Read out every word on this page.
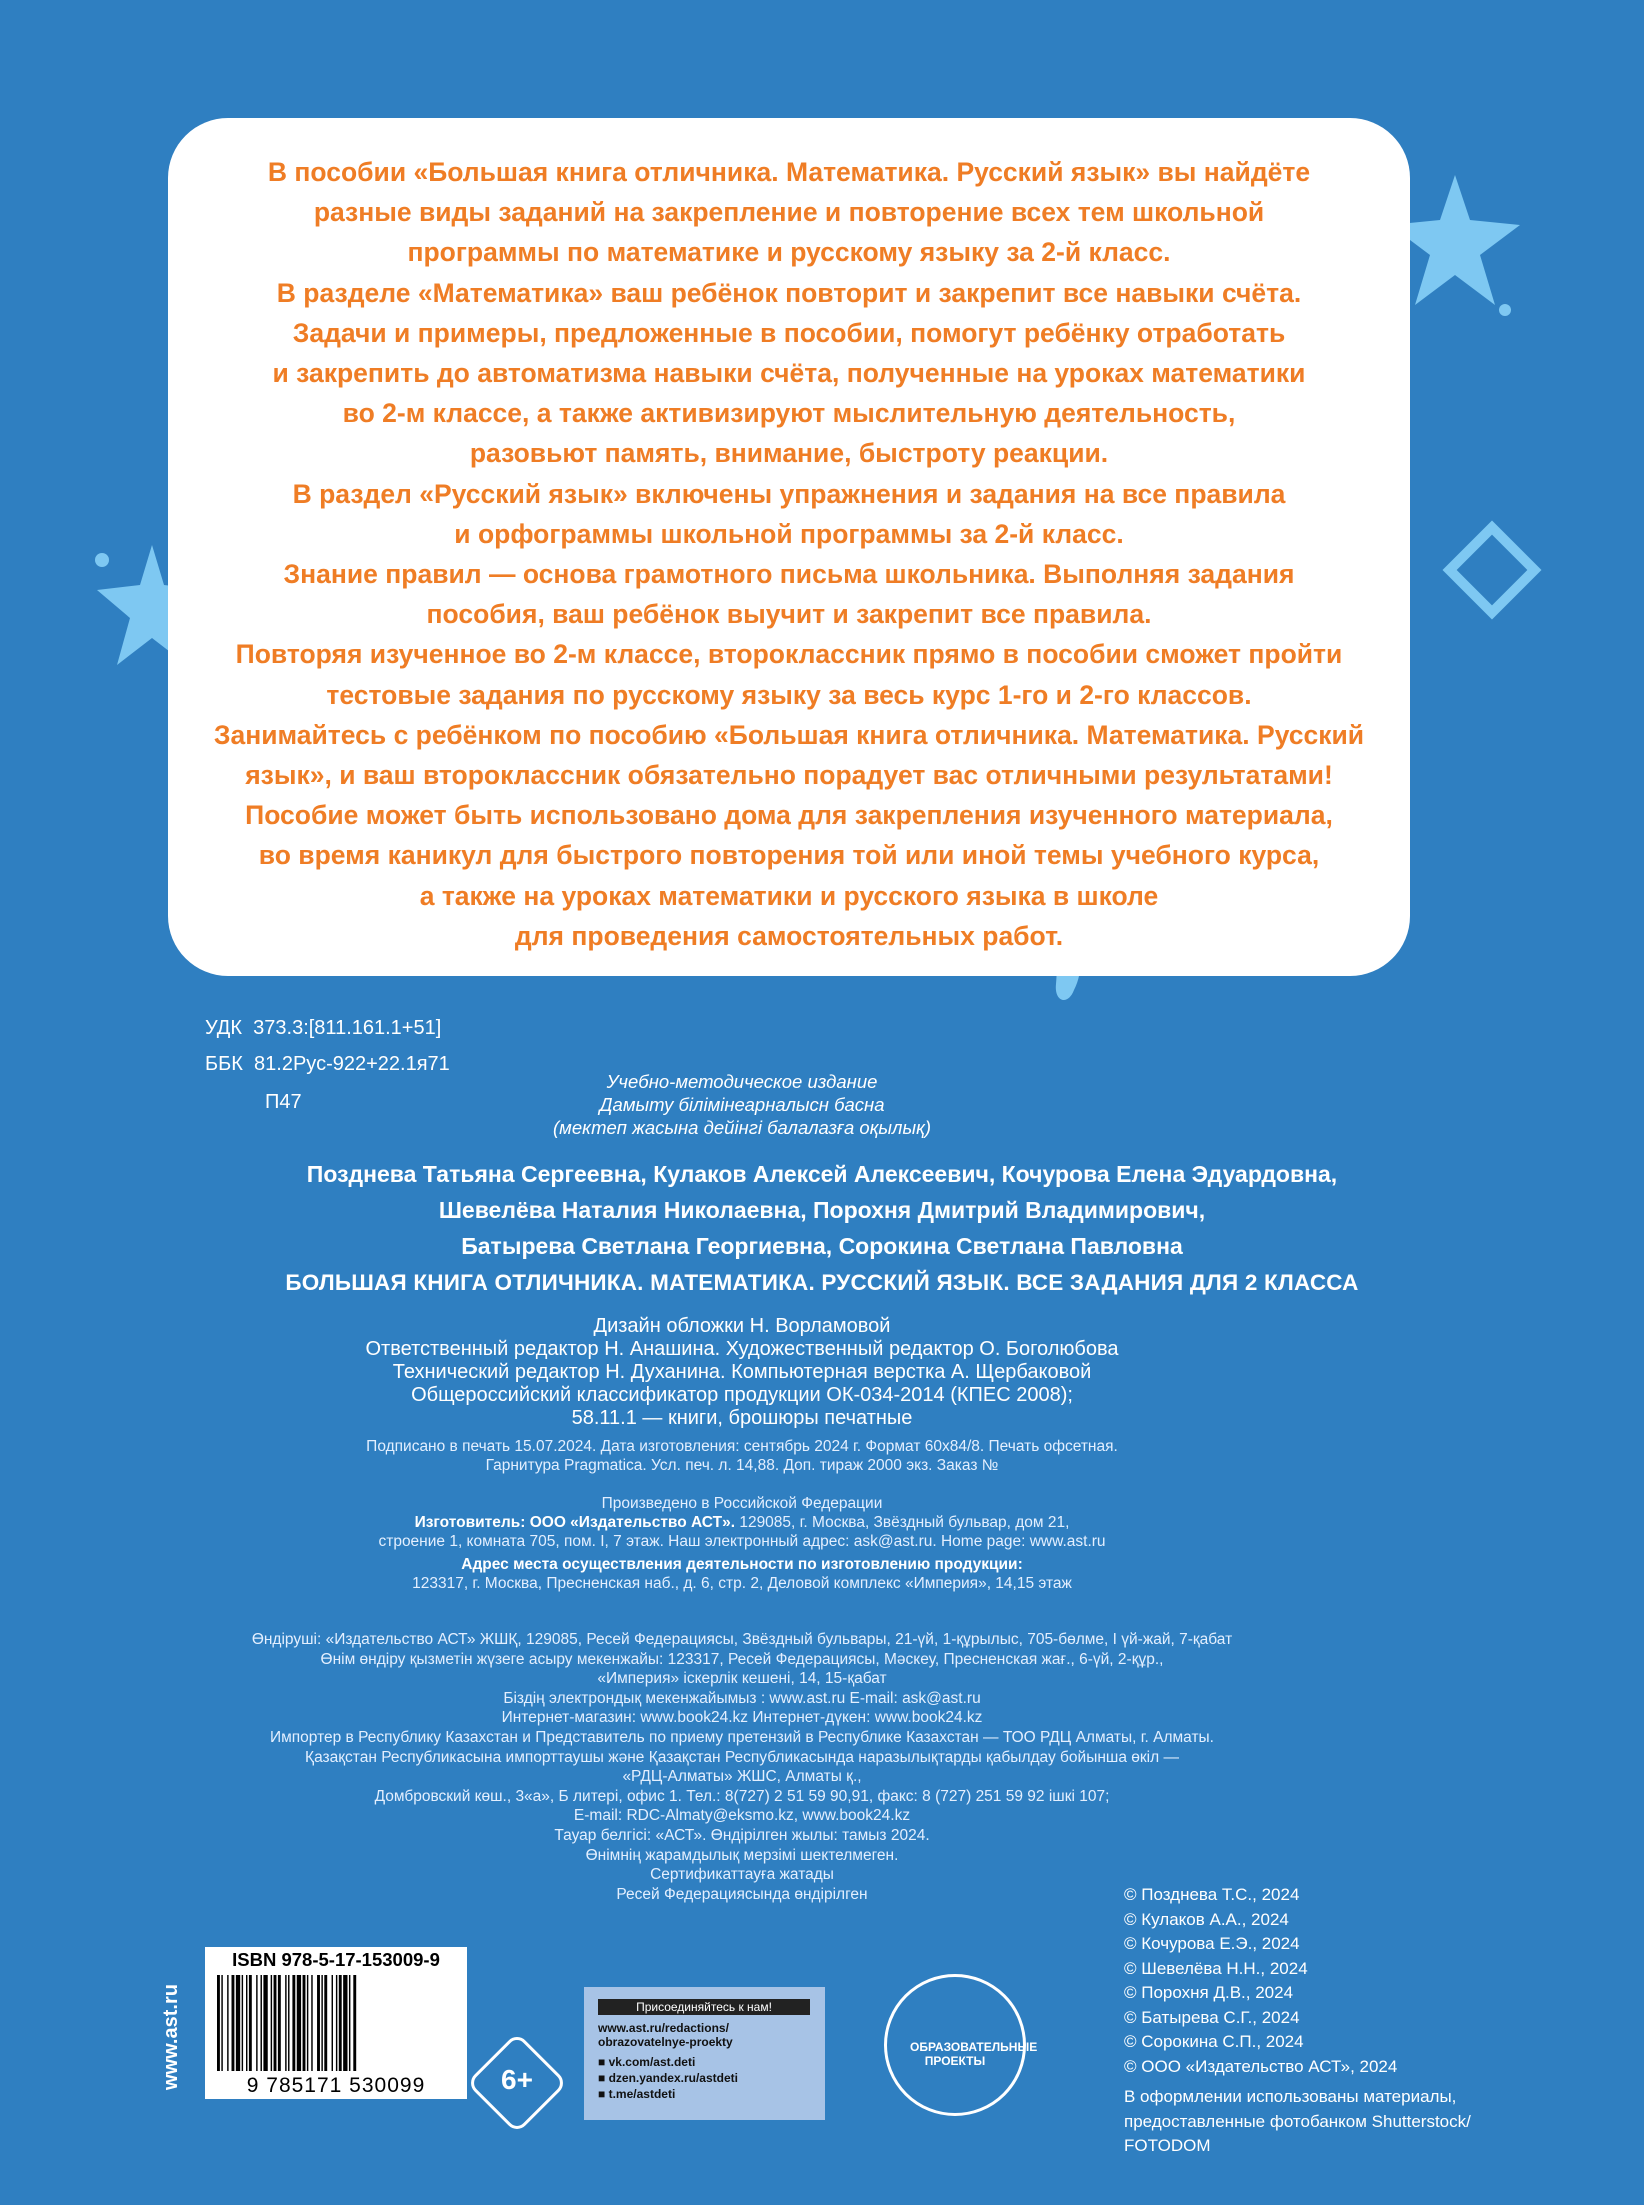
В пособии «Большая книга отличника. Математика. Русский язык» вы найдёте
разные виды заданий на закрепление и повторение всех тем школьной
программы по математике и русскому языку за 2-й класс.
В разделе «Математика» ваш ребёнок повторит и закрепит все навыки счёта.
Задачи и примеры, предложенные в пособии, помогут ребёнку отработать
и закрепить до автоматизма навыки счёта, полученные на уроках математики
во 2-м классе, а также активизируют мыслительную деятельность,
разовьют память, внимание, быстроту реакции.
В раздел «Русский язык» включены упражнения и задания на все правила
и орфограммы школьной программы за 2-й класс.
Знание правил — основа грамотного письма школьника. Выполняя задания
пособия, ваш ребёнок выучит и закрепит все правила.
Повторяя изученное во 2-м классе, второклассник прямо в пособии сможет пройти
тестовые задания по русскому языку за весь курс 1-го и 2-го классов.
Занимайтесь с ребёнком по пособию «Большая книга отличника. Математика. Русский
язык», и ваш второклассник обязательно порадует вас отличными результатами!
Пособие может быть использовано дома для закрепления изученного материала,
во время каникул для быстрого повторения той или иной темы учебного курса,
а также на уроках математики и русского языка в школе
для проведения самостоятельных работ.
УДК 373.3:[811.161.1+51]
ББК 81.2Рус-922+22.1я71
П47
Учебно-методическое издание
Дамыту білімінеарналысн басна
(мектеп жасына дейінгі балалазға оқылық)
Позднева Татьяна Сергеевна, Кулаков Алексей Алексеевич, Кочурова Елена Эдуардовна,
Шевелёва Наталия Николаевна, Порохня Дмитрий Владимирович,
Батырева Светлана Георгиевна, Сорокина Светлана Павловна
БОЛЬШАЯ КНИГА ОТЛИЧНИКА. МАТЕМАТИКА. РУССКИЙ ЯЗЫК. ВСЕ ЗАДАНИЯ ДЛЯ 2 КЛАССА
Дизайн обложки Н. Ворламовой
Ответственный редактор Н. Анашина. Художественный редактор О. Боголюбова
Технический редактор Н. Духанина. Компьютерная верстка А. Щербаковой
Общероссийский классификатор продукции ОК-034-2014 (КПЕС 2008);
58.11.1 — книги, брошюры печатные
Подписано в печать 15.07.2024. Дата изготовления: сентябрь 2024 г. Формат 60х84/8. Печать офсетная.
Гарнитура Pragmatica. Усл. печ. л. 14,88. Доп. тираж 2000 экз. Заказ №
Произведено в Российской Федерации
Изготовитель: ООО «Издательство АСТ». 129085, г. Москва, Звёздный бульвар, дом 21,
строение 1, комната 705, пом. I, 7 этаж. Наш электронный адрес: ask@ast.ru. Home page: www.ast.ru
Адрес места осуществления деятельности по изготовлению продукции:
123317, г. Москва, Пресненская наб., д. 6, стр. 2, Деловой комплекс «Империя», 14,15 этаж
Өндіруші: «Издательство АСТ» ЖШҚ, 129085, Ресей Федерациясы, Звёздный бульвары, 21-үй, 1-құрылыс, 705-бөлме, I үй-жай, 7-қабат
Өнім өндіру қызметін жүзеге асыру мекенжайы: 123317, Ресей Федерациясы, Мәскеу, Пресненская жағ., 6-үй, 2-құр.,
«Империя» іскерлік кешені, 14, 15-қабат
Біздің электрондық мекенжайымыз : www.ast.ru E-mail: ask@ast.ru
Интернет-магазин: www.book24.kz Интернет-дүкен: www.book24.kz
Импортер в Республику Казахстан и Представитель по приему претензий в Республике Казахстан — ТОО РДЦ Алматы, г. Алматы.
Қазақстан Республикасына импорттаушы және Қазақстан Республикасында наразылықтарды қабылдау бойынша өкіл —
«РДЦ-Алматы» ЖШС, Алматы қ.,
Домбровский көш., 3«а», Б литері, офис 1. Тел.: 8(727) 2 51 59 90,91, факс: 8 (727) 251 59 92 ішкі 107;
E-mail: RDC-Almaty@eksmo.kz, www.book24.kz
Тауар белгісі: «АСТ». Өндірілген жылы: тамыз 2024.
Өнімнің жарамдылық мерзімі шектелмеген.
Сертификаттауға жатады
Ресей Федерациясында өндірілген	© Позднева Т.С., 2024
© Кулаков А.А., 2024
© Кочурова Е.Э., 2024
© Шевелёва Н.Н., 2024
© Порохня Д.В., 2024
© Батырева С.Г., 2024
© Сорокина С.П., 2024
© ООО «Издательство АСТ», 2024
В оформлении использованы материалы,
предоставленные фотобанком Shutterstock/
FOTODOM
ISBN 978-5-17-153009-9
9 785171 530099
www.ast.ru	6+
Присоединяйтесь к нам!
www.ast.ru/redactions/
obrazovatelnye-proekty
■ vk.com/ast.deti
■ dzen.yandex.ru/astdeti
■ t.me/astdeti
ОБРАЗОВАТЕЛЬНЫЕ ПРОЕКТЫ
